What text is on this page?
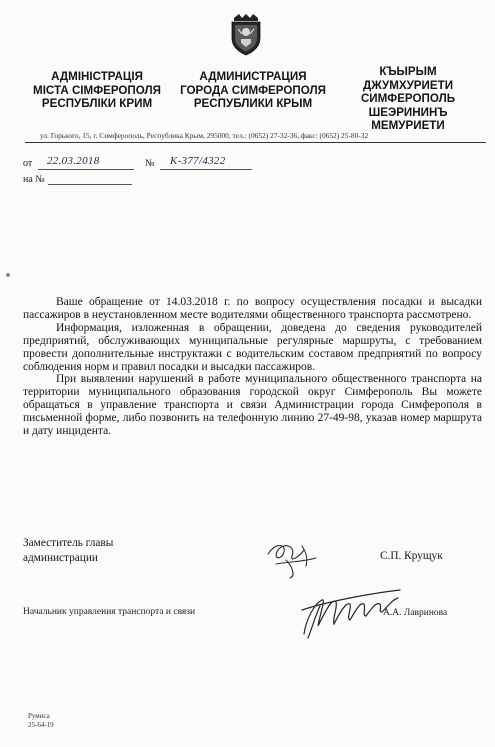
АДМІНІСТРАЦІЯ
МІСТА СІМФЕРОПОЛЯ
РЕСПУБЛІКИ КРИМ
АДМИНИСТРАЦИЯ
ГОРОДА СИМФЕРОПОЛЯ
РЕСПУБЛИКИ КРЫМ
КЪЫРЫМ ДЖУМХУРИЕТИ
СИМФЕРОПОЛЬ
ШЕЭРИНИНЪ
МЕМУРИЕТИ
ул. Горького, 15, г. Симферополь, Республика Крым, 295000, тел.: (0652) 27-32-36, факс: (0652) 25-80-32
от 22.03.2018	№ К-377/4322
на №

Ваше обращение от 14.03.2018 г. по вопросу осуществления посадки и высадки пассажиров в неустановленном месте водителями общественного транспорта рассмотрено.

Информация, изложенная в обращении, доведена до сведения руководителей предприятий, обслуживающих муниципальные регулярные маршруты, с требованием провести дополнительные инструктажи с водительским составом предприятий по вопросу соблюдения норм и правил посадки и высадки пассажиров.

При выявлении нарушений в работе муниципального общественного транспорта на территории муниципального образования городской округ Симферополь Вы можете обращаться в управление транспорта и связи Администрации города Симферополя в письменной форме, либо позвонить на телефонную линию 27-49-98, указав номер маршрута и дату инцидента.

Заместитель главы
администрации	С.П. Крущук
Начальник управления транспорта и связи	А.А. Лавринова
Румиса
25-64-19
